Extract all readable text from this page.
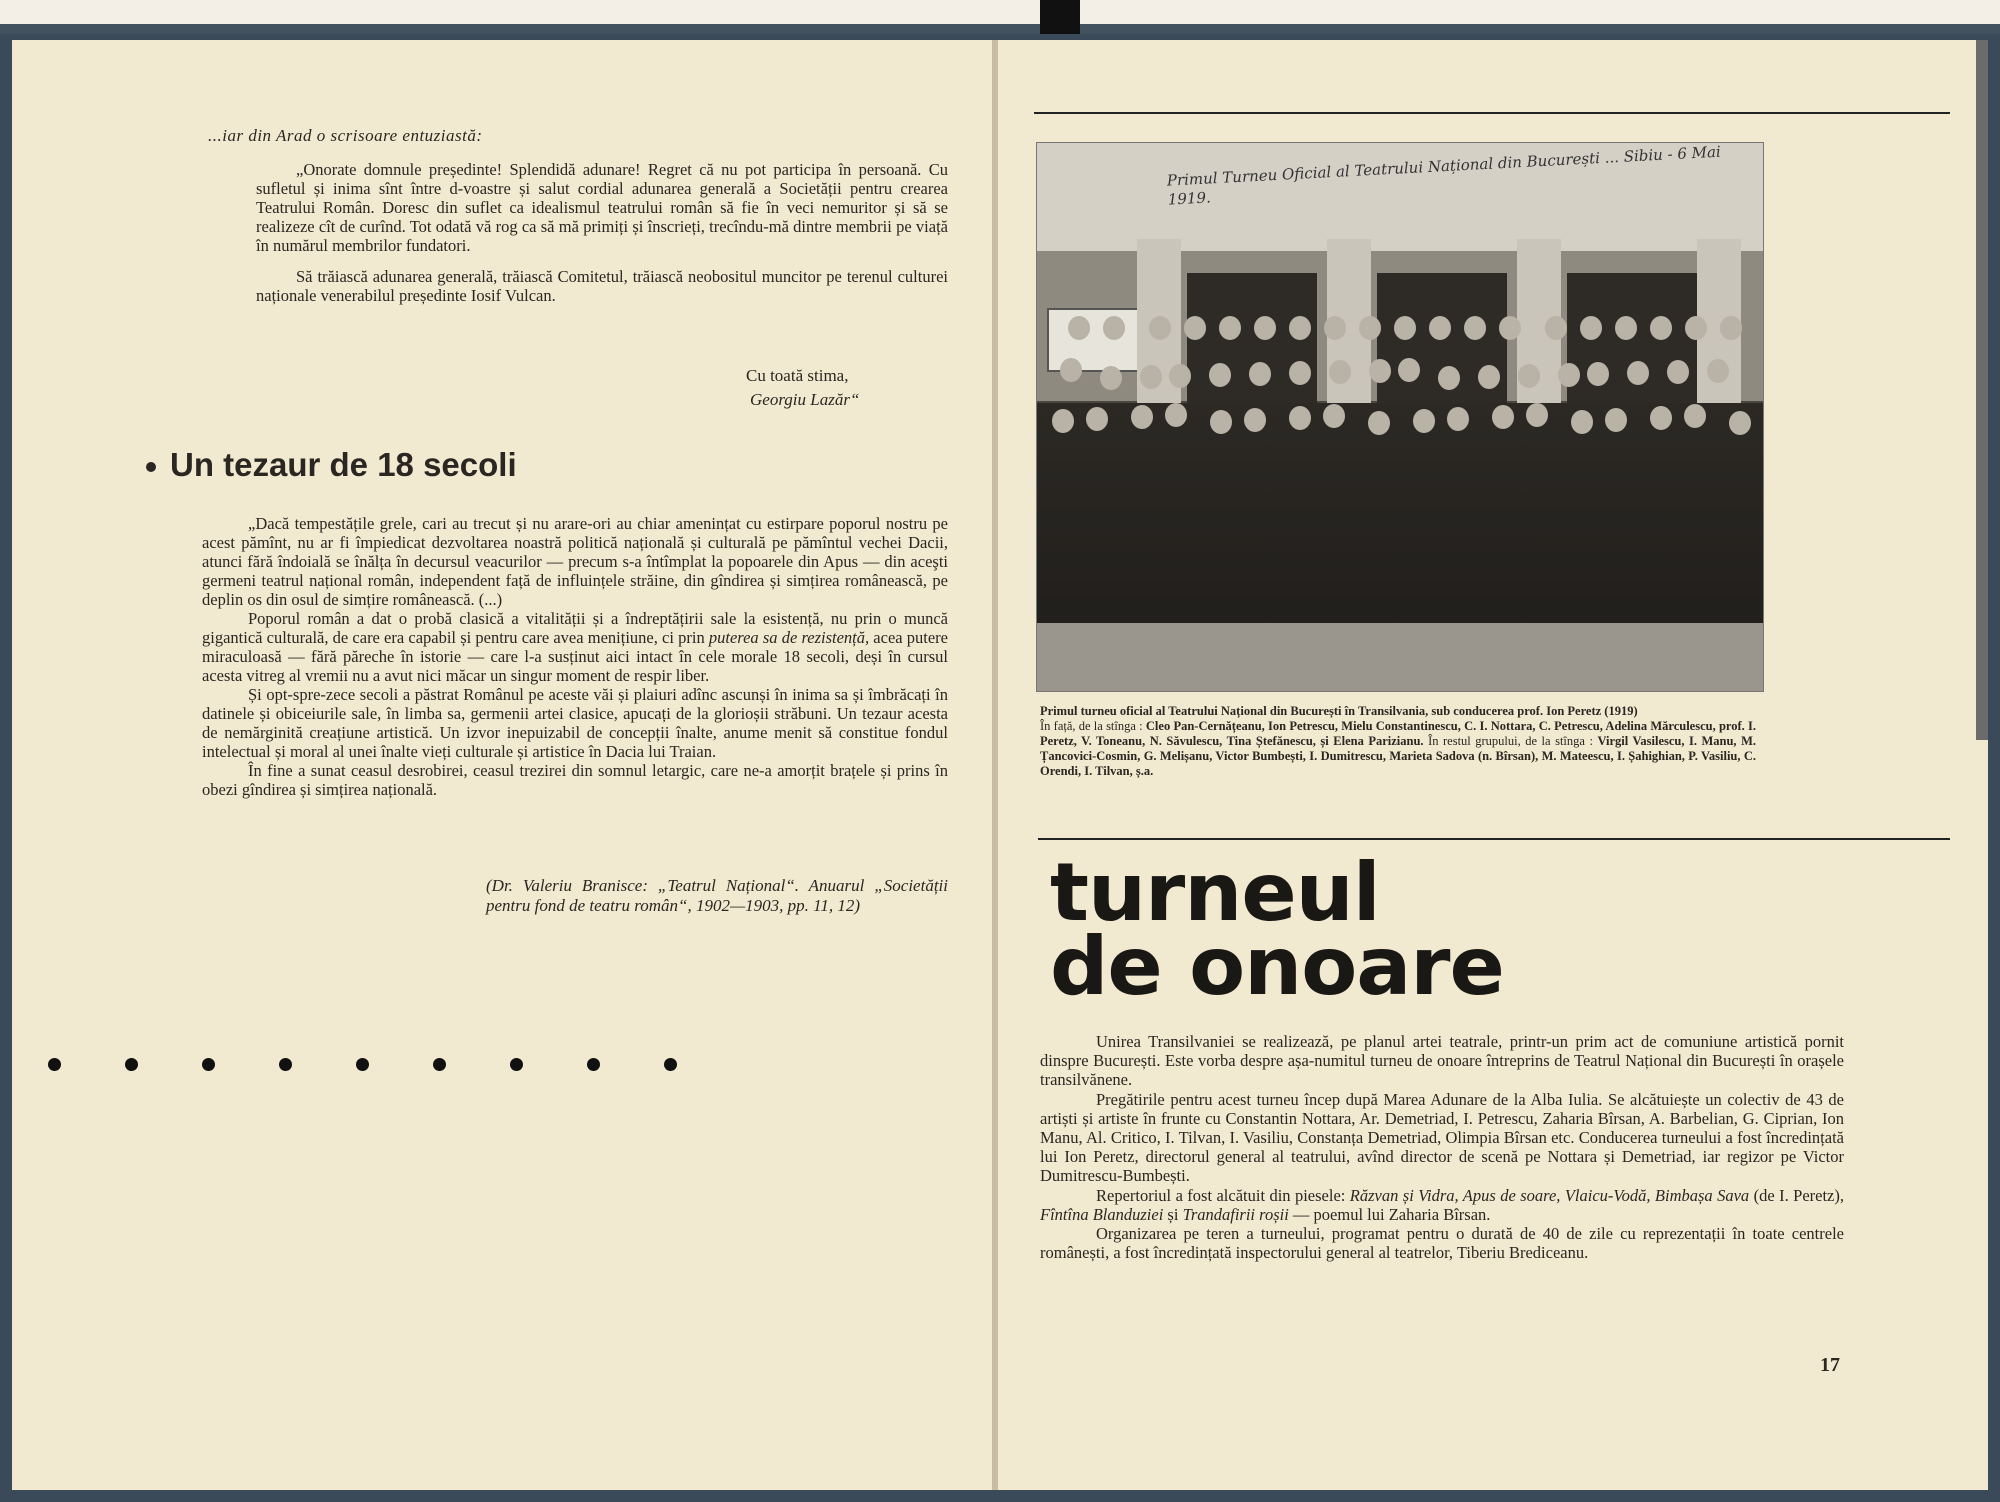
...iar din Arad o scrisoare entuziastă:

„Onorate domnule președinte! Splendidă adunare! Regret că nu pot participa în persoană. Cu sufletul și inima sînt între d-voastre și salut cordial adunarea generală a Societății pentru crearea Teatrului Român. Doresc din suflet ca idealismul teatrului român să fie în veci nemuritor și să se realizeze cît de curînd. Tot odată vă rog ca să mă primiți și înscrieți, trecîndu-mă dintre membrii pe viață în numărul membrilor fundatori.

Să trăiască adunarea generală, trăiască Comitetul, trăiască neobositul muncitor pe terenul culturei naționale venerabilul președinte Iosif Vulcan.

Cu toată stima,
Georgiu Lazăr“
Un tezaur de 18 secoli

„Dacă tempestățile grele, cari au trecut și nu arare-ori au chiar amenințat cu estirpare poporul nostru pe acest pămînt, nu ar fi împiedicat dezvoltarea noastră politică națională și culturală pe pămîntul vechei Dacii, atunci fără îndoială se înălța în decursul veacurilor — precum s-a întîmplat la popoarele din Apus — din aceşti germeni teatrul național român, independent față de influințele străine, din gîndirea și simțirea românească, pe deplin os din osul de simțire românească. (...)

Poporul român a dat o probă clasică a vitalității și a îndreptățirii sale la esistență, nu prin o muncă gigantică culturală, de care era capabil și pentru care avea menițiune, ci prin puterea sa de rezistență, acea putere miraculoasă — fără păreche în istorie — care l-a susținut aici intact în cele morale 18 secoli, deși în cursul acesta vitreg al vremii nu a avut nici măcar un singur moment de respir liber.

Și opt-spre-zece secoli a păstrat Românul pe aceste văi și plaiuri adînc ascunși în inima sa și îmbrăcați în datinele și obiceiurile sale, în limba sa, germenii artei clasice, apucați de la glorioșii străbuni. Un tezaur acesta de nemărginită creațiune artistică. Un izvor inepuizabil de concepții înalte, anume menit să constitue fondul intelectual și moral al unei înalte vieți culturale și artistice în Dacia lui Traian.

În fine a sunat ceasul desrobirei, ceasul trezirei din somnul letargic, care ne-a amorțit brațele și prins în obezi gîndirea și simțirea națională.

(Dr. Valeriu Branisce: „Teatrul Național“. Anuarul „Societății pentru fond de teatru român“, 1902—1903, pp. 11, 12)
Primul Turneu Oficial al Teatrului Național din București ... Sibiu - 6 Mai 1919.
Primul turneu oficial al Teatrului Național din București în Transilvania, sub conducerea prof. Ion Peretz (1919)
În față, de la stînga : Cleo Pan-Cernățeanu, Ion Petrescu, Mielu Constantinescu, C. I. Nottara, C. Petrescu, Adelina Mărculescu, prof. I. Peretz, V. Toneanu, N. Săvulescu, Tina Ștefănescu, și Elena Parizianu. În restul grupului, de la stînga : Virgil Vasilescu, I. Manu, M. Țancovici-Cosmin, G. Melișanu, Victor Bumbești, I. Dumitrescu, Marieta Sadova (n. Bîrsan), M. Mateescu, I. Șahighian, P. Vasiliu, C. Orendi, I. Tilvan, ș.a.
turneul
de onoare

Unirea Transilvaniei se realizează, pe planul artei teatrale, printr-un prim act de comuniune artistică pornit dinspre București. Este vorba despre așa-numitul turneu de onoare întreprins de Teatrul Național din București în orașele transilvănene.

Pregătirile pentru acest turneu încep după Marea Adunare de la Alba Iulia. Se alcătuiește un colectiv de 43 de artiști și artiste în frunte cu Constantin Nottara, Ar. Demetriad, I. Petrescu, Zaharia Bîrsan, A. Barbelian, G. Ciprian, Ion Manu, Al. Critico, I. Tilvan, I. Vasiliu, Constanța Demetriad, Olimpia Bîrsan etc. Conducerea turneului a fost încredințată lui Ion Peretz, directorul general al teatrului, avînd director de scenă pe Nottara și Demetriad, iar regizor pe Victor Dumitrescu-Bumbești.

Repertoriul a fost alcătuit din piesele: Răzvan și Vidra, Apus de soare, Vlaicu-Vodă, Bimbașa Sava (de I. Peretz), Fîntîna Blanduziei și Trandafirii roșii — poemul lui Zaharia Bîrsan.

Organizarea pe teren a turneului, programat pentru o durată de 40 de zile cu reprezentații în toate centrele românești, a fost încredințată inspectorului general al teatrelor, Tiberiu Brediceanu.

17
